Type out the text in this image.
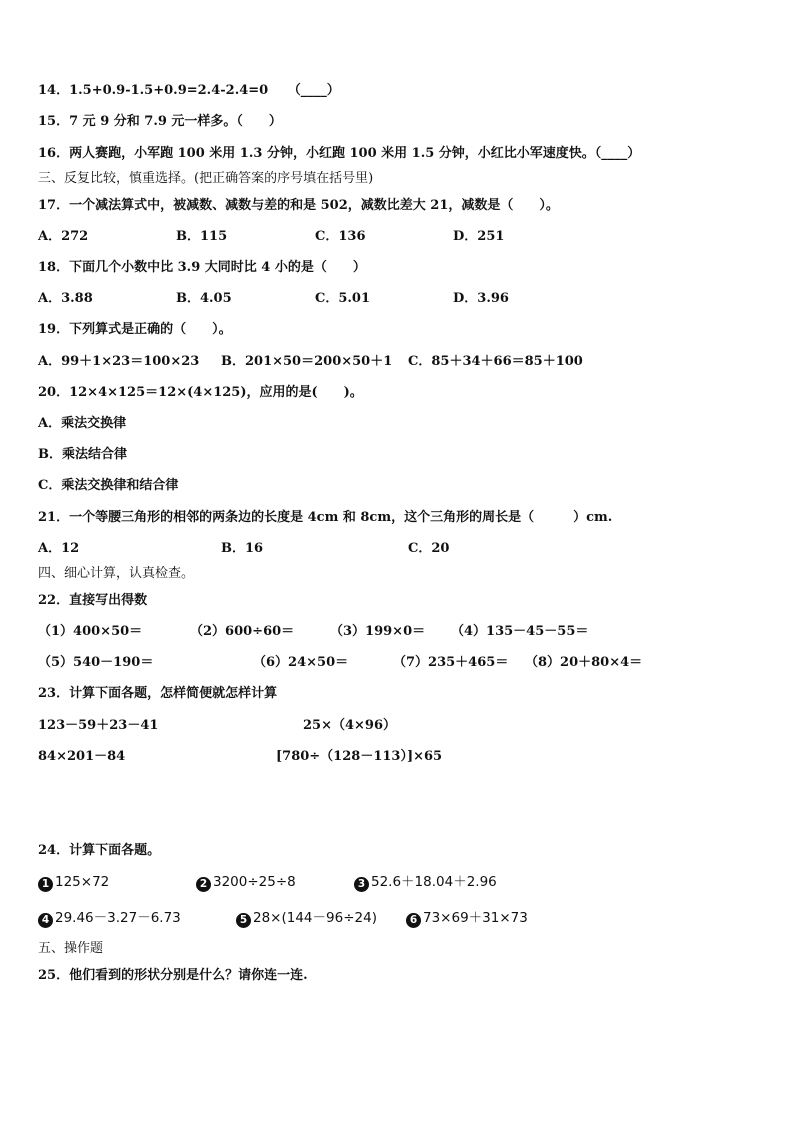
14．1.5+0.9-1.5+0.9=2.4-2.4=0　　（____）
15．7 元 9 分和 7.9 元一样多。（　　）
16．两人赛跑，小军跑 100 米用 1.3 分钟，小红跑 100 米用 1.5 分钟，小红比小军速度快。（____）
三、反复比较，慎重选择。(把正确答案的序号填在括号里)
17．一个减法算式中，被减数、减数与差的和是 502，减数比差大 21，减数是（　　）。
A．272	B．115	C．136	D．251
18．下面几个小数中比 3.9 大同时比 4 小的是（　　）
A．3.88	B．4.05	C．5.01	D．3.96
19．下列算式是正确的（　　）。
A．99＋1×23＝100×23 B．201×50＝200×50＋1 C．85＋34＋66＝85＋100
20．12×4×125＝12×(4×125)，应用的是(　　)。
A．乘法交换律
B．乘法结合律
C．乘法交换律和结合律
21．一个等腰三角形的相邻的两条边的长度是 4cm 和 8cm，这个三角形的周长是（　　　）cm.
A．12	B．16	C．20
四、细心计算，认真检查。
22．直接写出得数
（1）400×50＝	（2）600÷60＝	（3）199×0＝ （4）135－45－55＝
（5）540－190＝	（6）24×50＝	（7）235＋465＝ （8）20＋80×4＝
23．计算下面各题，怎样简便就怎样计算
123－59＋23－41	25×（4×96）
84×201－84	[780÷（128－113）]×65
24．计算下面各题。
1 125×72	2 3200÷25÷8	3 52.6＋18.04＋2.96
4 29.46－3.27－6.73	5 28×(144－96÷24)	6 73×69＋31×73
五、操作题
25．他们看到的形状分别是什么？请你连一连.
